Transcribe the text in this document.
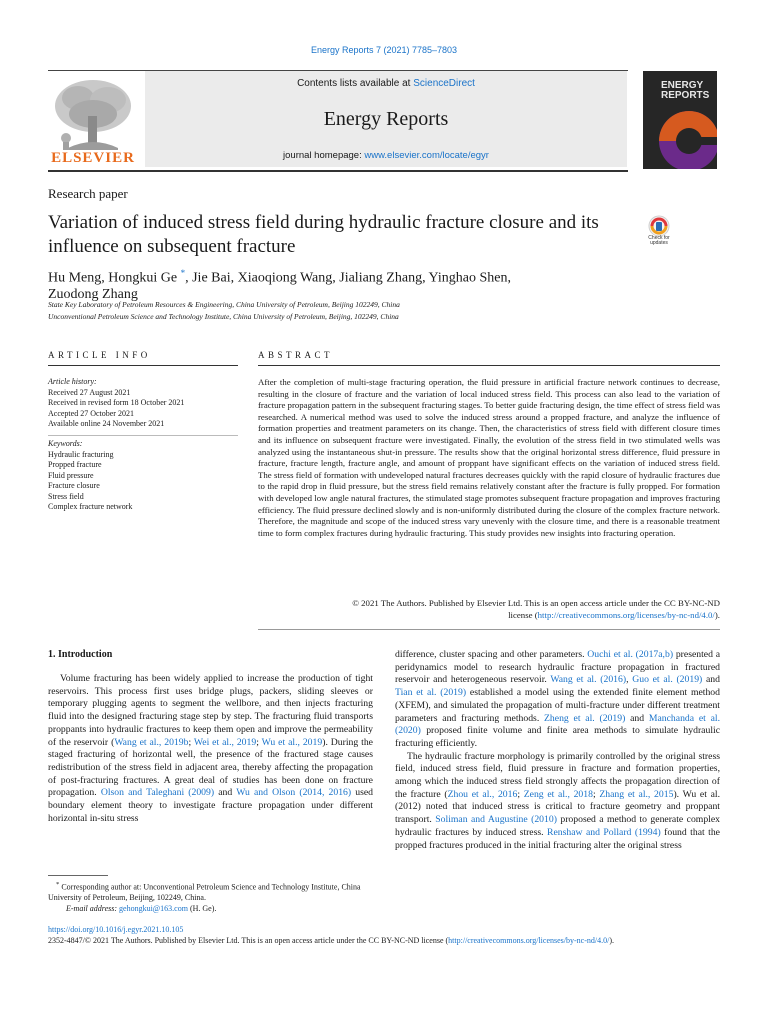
Energy Reports 7 (2021) 7785–7803
Contents lists available at ScienceDirect
Energy Reports
journal homepage: www.elsevier.com/locate/egyr
ELSEVIER
ENERGY
REPORTS
Research paper
Variation of induced stress field during hydraulic fracture closure and its influence on subsequent fracture	Check for updates
Hu Meng, Hongkui Ge *, Jie Bai, Xiaoqiong Wang, Jialiang Zhang, Yinghao Shen,
Zuodong Zhang
State Key Laboratory of Petroleum Resources & Engineering, China University of Petroleum, Beijing 102249, China
Unconventional Petroleum Science and Technology Institute, China University of Petroleum, Beijing, 102249, China
ARTICLE INFO
Article history:
Received 27 August 2021
Received in revised form 18 October 2021
Accepted 27 October 2021
Available online 24 November 2021
Keywords:
Hydraulic fracturing
Propped fracture
Fluid pressure
Fracture closure
Stress field
Complex fracture network
ABSTRACT
After the completion of multi-stage fracturing operation, the fluid pressure in artificial fracture network continues to decrease, resulting in the closure of fracture and the variation of local induced stress field. This process can also lead to the variation of fracture propagation pattern in the subsequent fracturing stages. To better guide fracturing design, the time effect of stress field was researched. A numerical method was used to solve the induced stress around a propped fracture, and analyze the influence of formation properties and treatment parameters on its change. Then, the characteristics of stress field with different closure times and its influence on subsequent fracture were investigated. Finally, the evolution of the stress field in two stimulated wells was analyzed using the instantaneous shut-in pressure. The results show that the original horizontal stress difference, fluid pressure in fracture, fracture length, fracture angle, and amount of proppant have significant effects on the variation of induced stress field. The stress field of formation with undeveloped natural fractures decreases quickly with the rapid closure of hydraulic fractures due to the rapid drop in fluid pressure, but the stress field remains relatively constant after the fracture is fully propped. For formation with developed low angle natural fractures, the stimulated stage promotes subsequent fracture propagation and improves fracturing efficiency. The fluid pressure declined slowly and is non-uniformly distributed during the closure of the complex fracture network. Therefore, the magnitude and scope of the induced stress vary unevenly with the closure time, and there is a reasonable treatment time to form complex fractures during hydraulic fracturing. This study provides new insights into fracturing operation.
© 2021 The Authors. Published by Elsevier Ltd. This is an open access article under the CC BY-NC-ND
license (http://creativecommons.org/licenses/by-nc-nd/4.0/).
1. Introduction

Volume fracturing has been widely applied to increase the production of tight reservoirs. This process first uses bridge plugs, packers, sliding sleeves or temporary plugging agents to segment the wellbore, and then injects fracturing fluid into the designed fracturing stage step by step. The fracturing fluid transports proppants into hydraulic fractures to keep them open and improve the permeability of the reservoir (Wang et al., 2019b; Wei et al., 2019; Wu et al., 2019). During the staged fracturing of horizontal well, the presence of the fractured stage causes redistribution of the stress field in adjacent area, thereby affecting the propagation of post-fracturing fractures. A great deal of studies has been done on fracture propagation. Olson and Taleghani (2009) and Wu and Olson (2014, 2016) used boundary element theory to investigate fracture propagation under different horizontal in-situ stress

difference, cluster spacing and other parameters. Ouchi et al. (2017a,b) presented a peridynamics model to research hydraulic fracture propagation in fractured reservoir and heterogeneous reservoir. Wang et al. (2016), Guo et al. (2019) and Tian et al. (2019) established a model using the extended finite element method (XFEM), and simulated the propagation of multi-fracture under different treatment parameters and fracturing methods. Zheng et al. (2019) and Manchanda et al. (2020) proposed finite volume and finite area methods to simulate hydraulic fracturing efficiently.

The hydraulic fracture morphology is primarily controlled by the original stress field, induced stress field, fluid pressure in fracture and formation properties, among which the induced stress field strongly affects the propagation direction of the fracture (Zhou et al., 2016; Zeng et al., 2018; Zhang et al., 2015). Wu et al. (2012) noted that induced stress is critical to fracture geometry and proppant transport. Soliman and Augustine (2010) proposed a method to generate complex hydraulic fractures by induced stress. Renshaw and Pollard (1994) found that the propped fractures produced in the initial fracturing alter the original stress

* Corresponding author at: Unconventional Petroleum Science and Technology Institute, China University of Petroleum, Beijing, 102249, China.
E-mail address: gehongkui@163.com (H. Ge).
https://doi.org/10.1016/j.egyr.2021.10.105
2352-4847/© 2021 The Authors. Published by Elsevier Ltd. This is an open access article under the CC BY-NC-ND license (http://creativecommons.org/licenses/by-nc-nd/4.0/).
